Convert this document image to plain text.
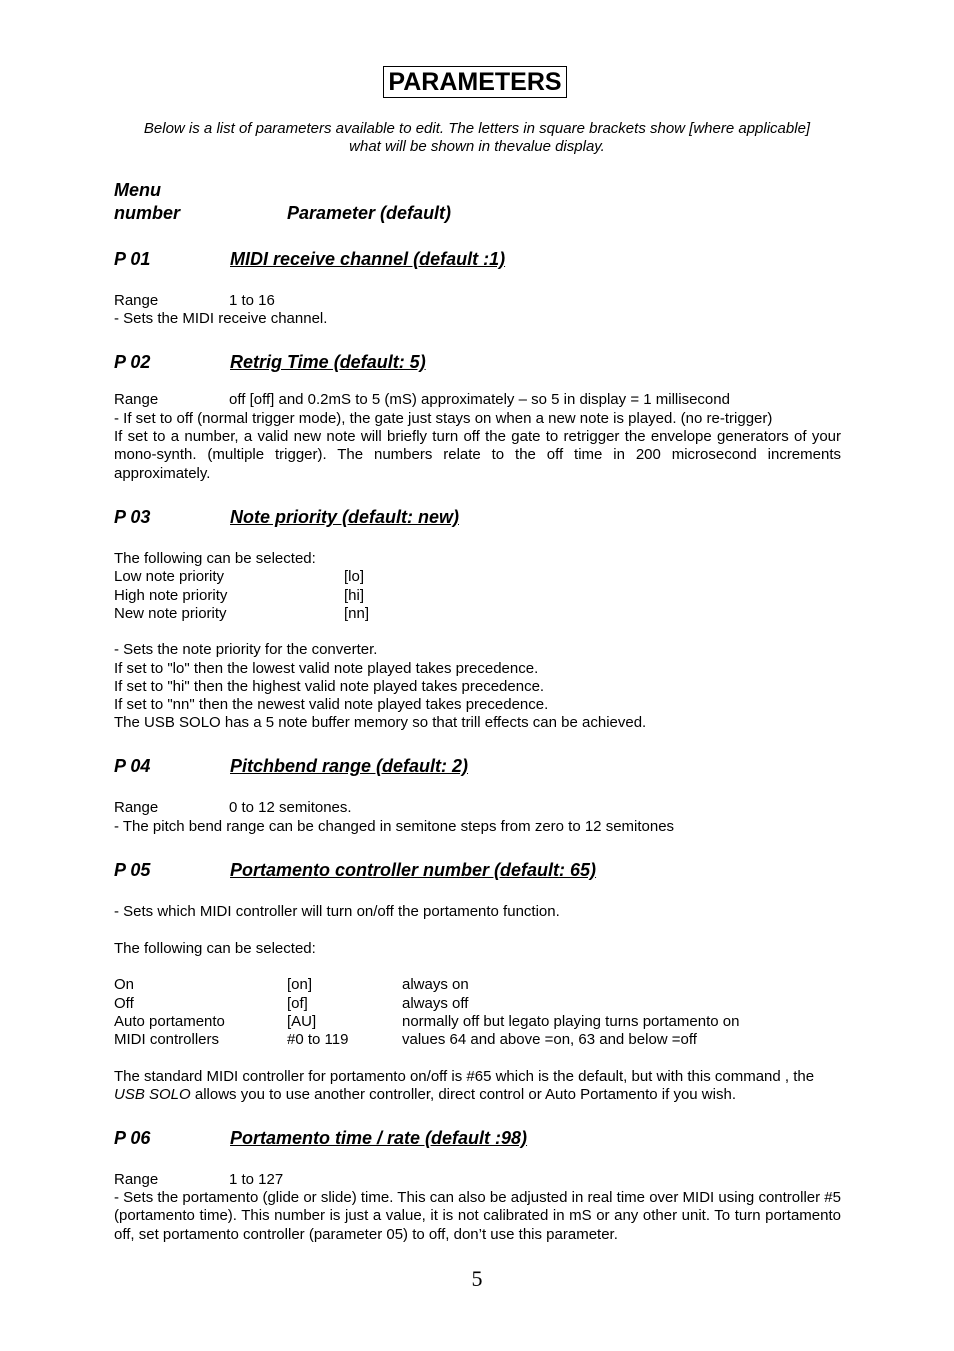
PARAMETERS
Below is a list of parameters available to edit. The letters in square brackets show [where applicable]
what will be shown in thevalue display.
Menu
number	Parameter (default)
P 01	MIDI receive channel (default :1)
Range	1 to 16
- Sets the MIDI receive channel.
P 02	Retrig Time (default: 5)
Range	off [off] and 0.2mS to 5 (mS) approximately – so 5 in display = 1 millisecond
- If set to off (normal trigger mode), the gate just stays on when a new note is played. (no re-trigger)
If set to a number, a valid new note will briefly turn off the gate to retrigger the envelope generators of your mono-synth. (multiple trigger). The numbers relate to the off time in 200 microsecond increments approximately.
P 03	Note priority (default: new)
The following can be selected:
Low note priority	[lo]
High note priority	[hi]
New note priority	[nn]
- Sets the note priority for the converter.
If set to "lo" then the lowest valid note played takes precedence.
If set to "hi" then the highest valid note played takes precedence.
If set to "nn" then the newest valid note played takes precedence.
The USB SOLO has a 5 note buffer memory so that trill effects can be achieved.
P 04	Pitchbend range (default: 2)
Range	0 to 12 semitones.
- The pitch bend range can be changed in semitone steps from zero to 12 semitones
P 05	Portamento controller number (default: 65)
- Sets which MIDI controller will turn on/off the portamento function.
The following can be selected:
On	[on]	always on
Off	[of]	always off
Auto portamento	[AU]	normally off but legato playing turns portamento on
MIDI controllers	#0 to 119	values 64 and above =on, 63 and below =off
The standard MIDI controller for portamento on/off is #65 which is the default, but with this command , the USB SOLO allows you to use another controller, direct control or Auto Portamento if you wish.
P 06	Portamento time / rate (default :98)
Range	1 to 127
- Sets the portamento (glide or slide) time. This can also be adjusted in real time over MIDI using controller #5 (portamento time). This number is just a value, it is not calibrated in mS or any other unit. To turn portamento off, set portamento controller (parameter 05) to off, don’t use this parameter.
5
